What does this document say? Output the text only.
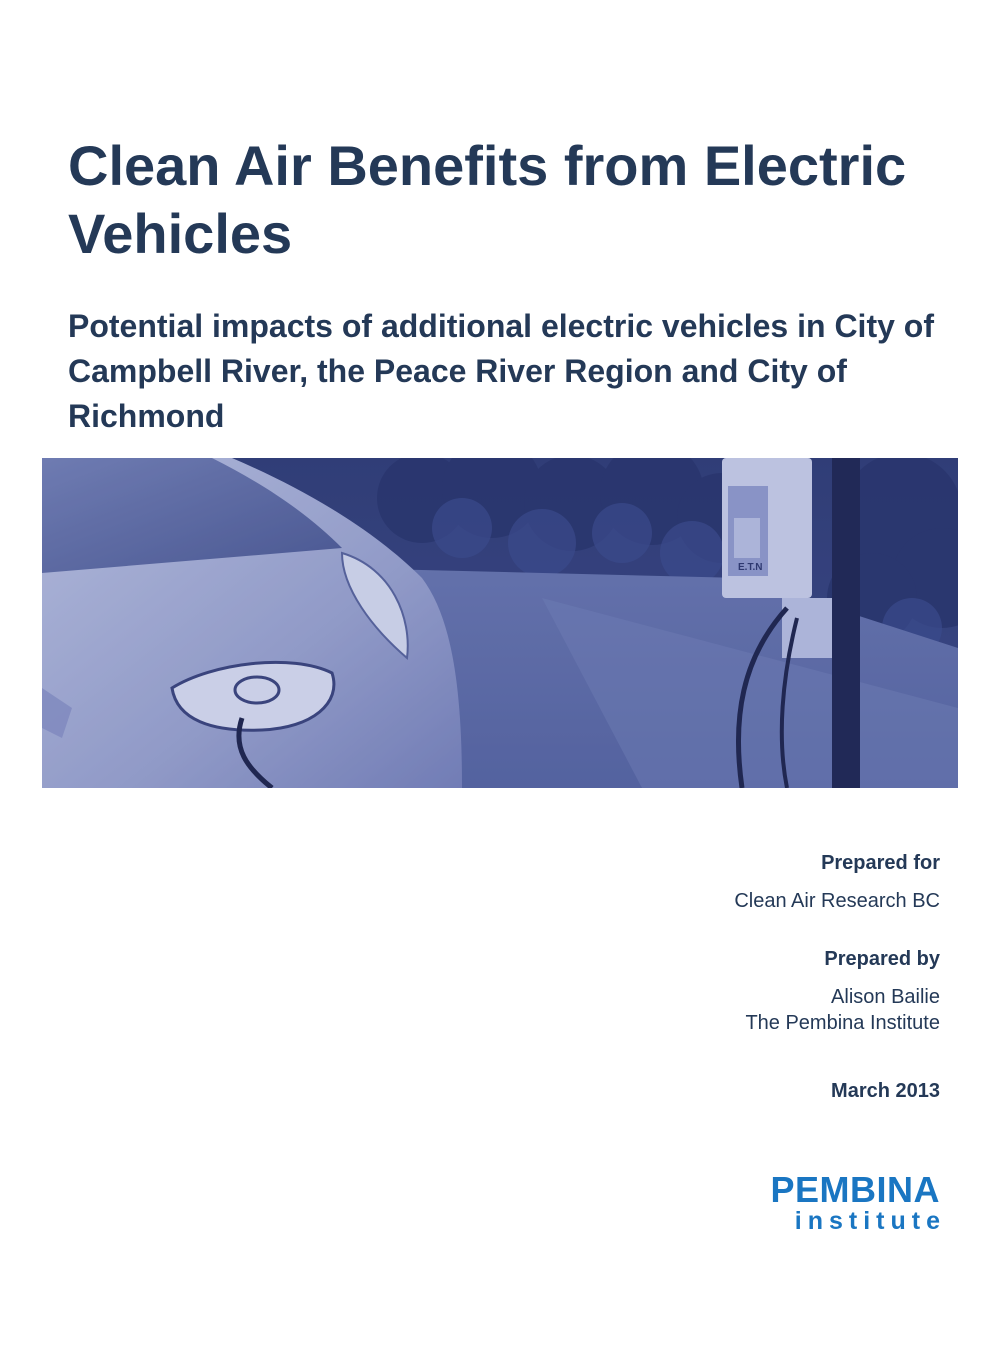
Clean Air Benefits from Electric Vehicles
Potential impacts of additional electric vehicles in City of Campbell River, the Peace River Region and City of Richmond
E.T.N
Prepared for
Clean Air Research BC
Prepared by
Alison Bailie
The Pembina Institute
March 2013
PEMBINA
institute
